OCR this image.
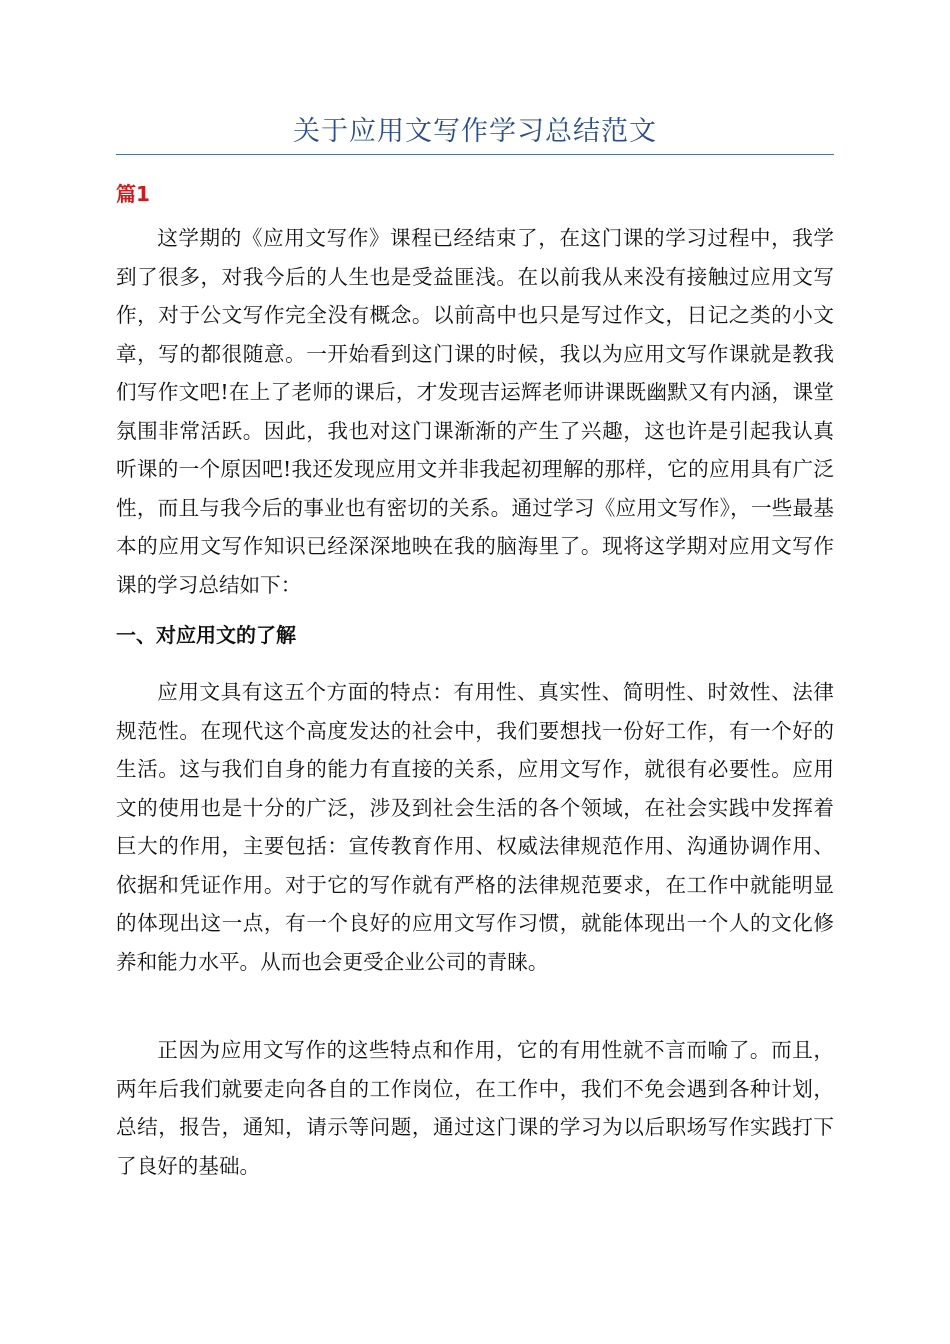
关于应用文写作学习总结范文
篇1

这学期的《应用文写作》课程已经结束了，在这门课的学习过程中，我学到了很多，对我今后的人生也是受益匪浅。在以前我从来没有接触过应用文写作，对于公文写作完全没有概念。以前高中也只是写过作文，日记之类的小文章，写的都很随意。一开始看到这门课的时候，我以为应用文写作课就是教我们写作文吧!在上了老师的课后，才发现吉运辉老师讲课既幽默又有内涵，课堂氛围非常活跃。因此，我也对这门课渐渐的产生了兴趣，这也许是引起我认真听课的一个原因吧!我还发现应用文并非我起初理解的那样，它的应用具有广泛性，而且与我今后的事业也有密切的关系。通过学习《应用文写作》，一些最基本的应用文写作知识已经深深地映在我的脑海里了。现将这学期对应用文写作课的学习总结如下：

一、对应用文的了解

应用文具有这五个方面的特点：有用性、真实性、简明性、时效性、法律规范性。在现代这个高度发达的社会中，我们要想找一份好工作，有一个好的生活。这与我们自身的能力有直接的关系，应用文写作，就很有必要性。应用文的使用也是十分的广泛，涉及到社会生活的各个领域，在社会实践中发挥着巨大的作用，主要包括：宣传教育作用、权威法律规范作用、沟通协调作用、依据和凭证作用。对于它的写作就有严格的法律规范要求，在工作中就能明显的体现出这一点，有一个良好的应用文写作习惯，就能体现出一个人的文化修养和能力水平。从而也会更受企业公司的青睐。

正因为应用文写作的这些特点和作用，它的有用性就不言而喻了。而且，两年后我们就要走向各自的工作岗位，在工作中，我们不免会遇到各种计划，总结，报告，通知，请示等问题，通过这门课的学习为以后职场写作实践打下了良好的基础。
